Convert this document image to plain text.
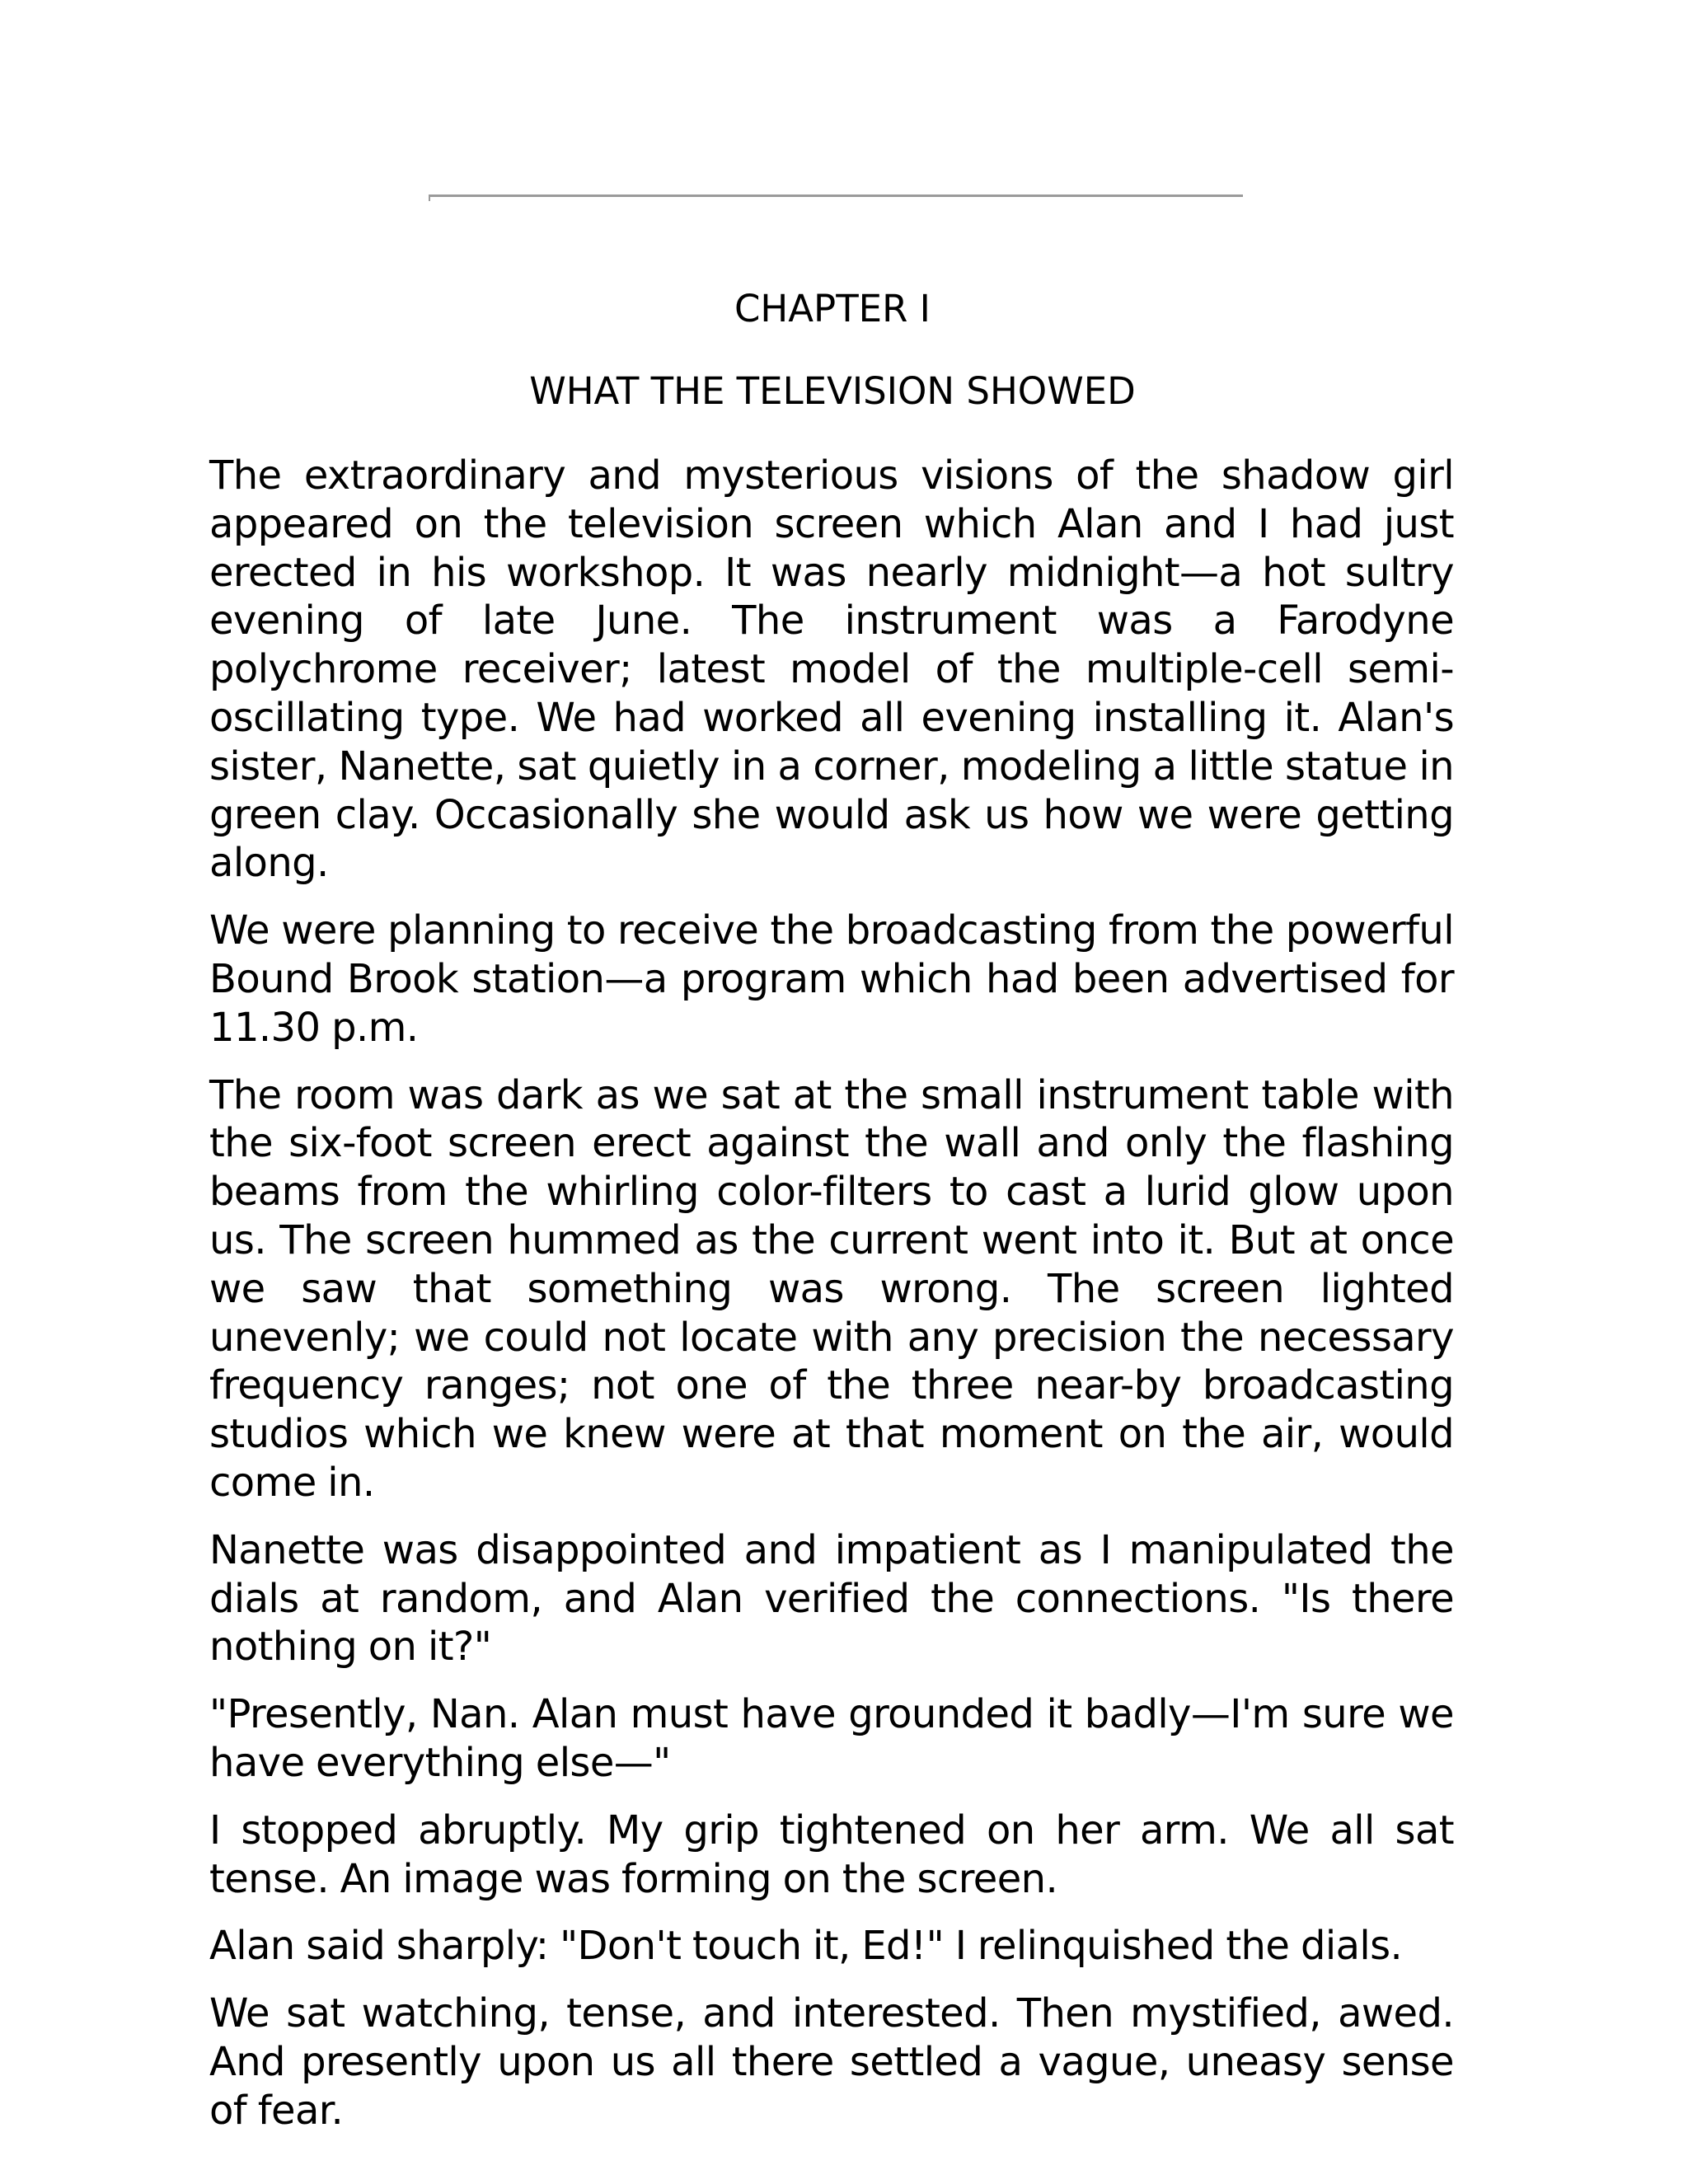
CHAPTER I
WHAT THE TELEVISION SHOWED

The extraordinary and mysterious visions of the shadow girl appeared on the television screen which Alan and I had just erected in his workshop. It was nearly midnight—a hot sultry evening of late June. The instrument was a Farodyne polychrome receiver; latest model of the multiple-cell semi-oscillating type. We had worked all evening installing it. Alan's sister, Nanette, sat quietly in a corner, modeling a little statue in green clay. Occasionally she would ask us how we were getting along.

We were planning to receive the broadcasting from the powerful Bound Brook station—a program which had been advertised for 11.30 p.m.

The room was dark as we sat at the small instrument table with the six-foot screen erect against the wall and only the flashing beams from the whirling color-filters to cast a lurid glow upon us. The screen hummed as the current went into it. But at once we saw that something was wrong. The screen lighted unevenly; we could not locate with any precision the necessary frequency ranges; not one of the three near-by broadcasting studios which we knew were at that moment on the air, would come in.

Nanette was disappointed and impatient as I manipulated the dials at random, and Alan verified the connections. "Is there nothing on it?"

"Presently, Nan. Alan must have grounded it badly—I'm sure we have everything else—"

I stopped abruptly. My grip tightened on her arm. We all sat tense. An image was forming on the screen.

Alan said sharply: "Don't touch it, Ed!" I relinquished the dials.

We sat watching, tense, and interested. Then mystified, awed. And presently upon us all there settled a vague, uneasy sense of fear.
